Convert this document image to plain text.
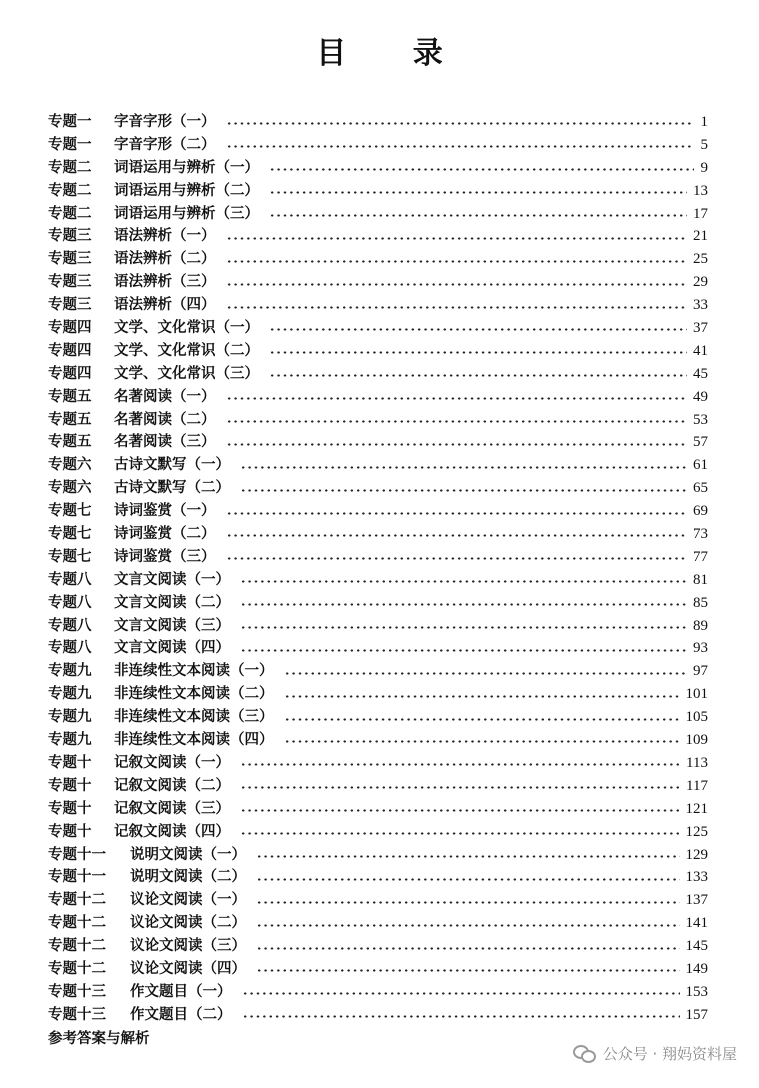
目 录
专题一	字音字形（一）	1
专题一	字音字形（二）	5
专题二	词语运用与辨析（一）	9
专题二	词语运用与辨析（二）	13
专题二	词语运用与辨析（三）	17
专题三	语法辨析（一）	21
专题三	语法辨析（二）	25
专题三	语法辨析（三）	29
专题三	语法辨析（四）	33
专题四	文学、文化常识（一）	37
专题四	文学、文化常识（二）	41
专题四	文学、文化常识（三）	45
专题五	名著阅读（一）	49
专题五	名著阅读（二）	53
专题五	名著阅读（三）	57
专题六	古诗文默写（一）	61
专题六	古诗文默写（二）	65
专题七	诗词鉴赏（一）	69
专题七	诗词鉴赏（二）	73
专题七	诗词鉴赏（三）	77
专题八	文言文阅读（一）	81
专题八	文言文阅读（二）	85
专题八	文言文阅读（三）	89
专题八	文言文阅读（四）	93
专题九	非连续性文本阅读（一）	97
专题九	非连续性文本阅读（二）	101
专题九	非连续性文本阅读（三）	105
专题九	非连续性文本阅读（四）	109
专题十	记叙文阅读（一）	113
专题十	记叙文阅读（二）	117
专题十	记叙文阅读（三）	121
专题十	记叙文阅读（四）	125
专题十一	说明文阅读（一）	129
专题十一	说明文阅读（二）	133
专题十二	议论文阅读（一）	137
专题十二	议论文阅读（二）	141
专题十二	议论文阅读（三）	145
专题十二	议论文阅读（四）	149
专题十三	作文题目（一）	153
专题十三	作文题目（二）	157
参考答案与解析
公众号 · 翔妈资料屋
